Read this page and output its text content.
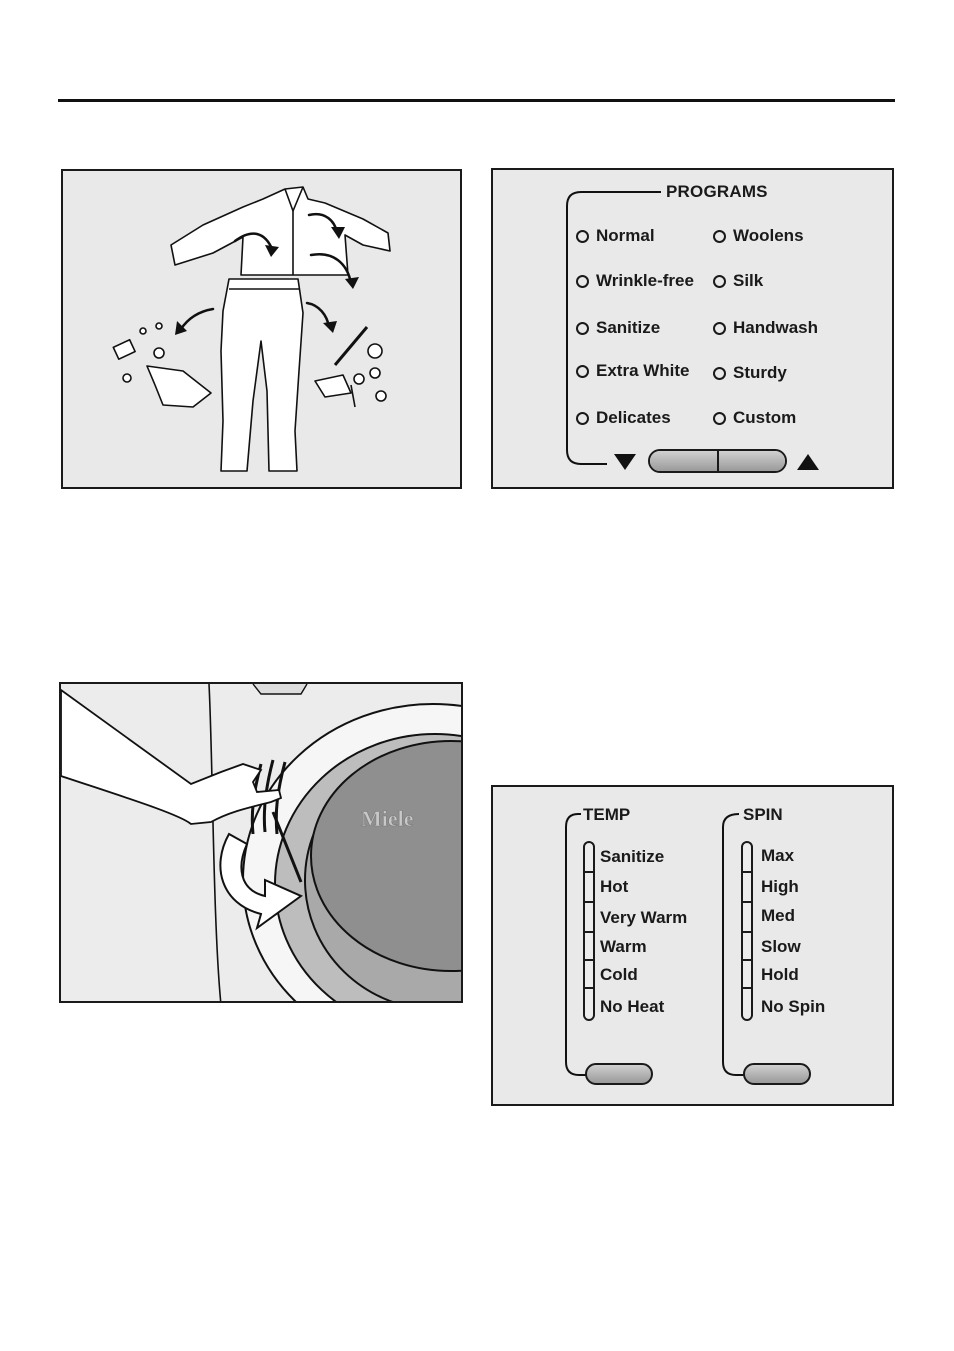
PROGRAMS
Normal
Wrinkle-free
Sanitize
Extra White
Delicates
Woolens
Silk
Handwash
Sturdy
Custom
Miele	TEMP	SPIN
Sanitize
Hot
Very Warm
Warm
Cold
No Heat
Max
High
Med
Slow
Hold
No Spin
